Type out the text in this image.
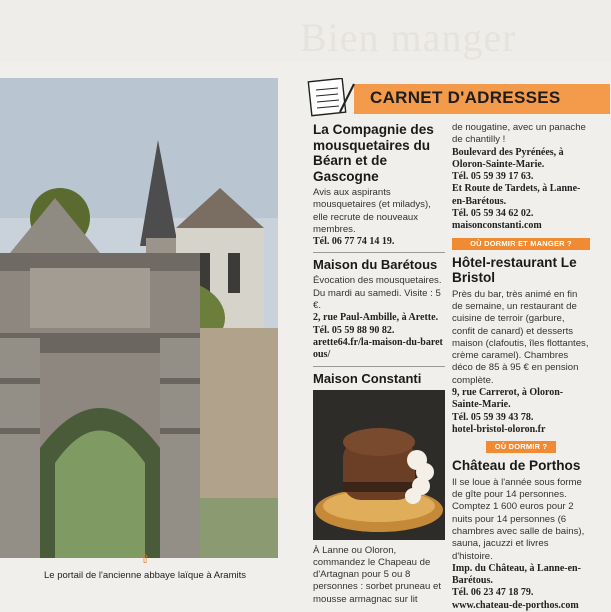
Bien manger
⇧
Le portail de l'ancienne abbaye laïque à Aramits
CARNET D'ADRESSES
La Compagnie des mousquetaires du Béarn et de Gascogne

Avis aux aspirants mousquetaires (et miladys), elle recrute de nouveaux membres.

Tél. 06 77 74 14 19.

Maison du Barétous

Évocation des mousquetaires. Du mardi au samedi. Visite : 5 €.

2, rue Paul-Ambille, à Arette.

Tél. 05 59 88 90 82.

arette64.fr/la-maison-du-baretous/

Maison Constanti

À Lanne ou Oloron, commandez le Chapeau de d'Artagnan pour 5 ou 8 personnes : sorbet pruneau et mousse armagnac sur lit

de nougatine, avec un panache de chantilly !

Boulevard des Pyrénées, à Oloron-Sainte-Marie.

Tél. 05 59 39 17 63.

Et Route de Tardets, à Lanne-en-Barétous.

Tél. 05 59 34 62 02.

maisonconstanti.com

OÙ DORMIR ET MANGER ?
Hôtel-restaurant Le Bristol

Près du bar, très animé en fin de semaine, un restaurant de cuisine de terroir (garbure, confit de canard) et desserts maison (clafoutis, îles flottantes, crème caramel). Chambres déco de 85 à 95 € en pension complète.

9, rue Carrerot, à Oloron-Sainte-Marie.

Tél. 05 59 39 43 78.

hotel-bristol-oloron.fr

OÙ DORMIR ?
Château de Porthos

Il se loue à l'année sous forme de gîte pour 14 personnes. Comptez 1 600 euros pour 2 nuits pour 14 personnes (6 chambres avec salle de bains), sauna, jacuzzi et livres d'histoire.

Imp. du Château, à Lanne-en-Barétous.

Tél. 06 23 47 18 79.

www.chateau-de-porthos.com
